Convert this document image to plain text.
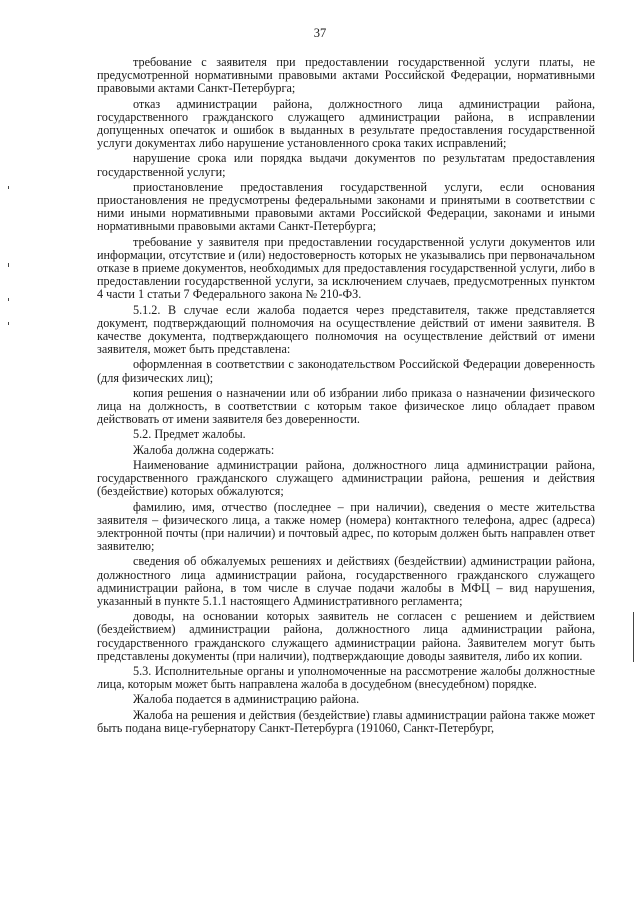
37

требование с заявителя при предоставлении государственной услуги платы, не предусмотренной нормативными правовыми актами Российской Федерации, нормативными правовыми актами Санкт-Петербурга;

отказ администрации района, должностного лица администрации района, государственного гражданского служащего администрации района, в исправлении допущенных опечаток и ошибок в выданных в результате предоставления государственной услуги документах либо нарушение установленного срока таких исправлений;

нарушение срока или порядка выдачи документов по результатам предоставления государственной услуги;

приостановление предоставления государственной услуги, если основания приостановления не предусмотрены федеральными законами и принятыми в соответствии с ними иными нормативными правовыми актами Российской Федерации, законами и иными нормативными правовыми актами Санкт-Петербурга;

требование у заявителя при предоставлении государственной услуги документов или информации, отсутствие и (или) недостоверность которых не указывались при первоначальном отказе в приеме документов, необходимых для предоставления государственной услуги, либо в предоставлении государственной услуги, за исключением случаев, предусмотренных пунктом 4 части 1 статьи 7 Федерального закона № 210-ФЗ.

5.1.2. В случае если жалоба подается через представителя, также представляется документ, подтверждающий полномочия на осуществление действий от имени заявителя. В качестве документа, подтверждающего полномочия на осуществление действий от имени заявителя, может быть представлена:

оформленная в соответствии с законодательством Российской Федерации доверенность (для физических лиц);

копия решения о назначении или об избрании либо приказа о назначении физического лица на должность, в соответствии с которым такое физическое лицо обладает правом действовать от имени заявителя без доверенности.

5.2. Предмет жалобы.

Жалоба должна содержать:

Наименование администрации района, должностного лица администрации района, государственного гражданского служащего администрации района, решения и действия (бездействие) которых обжалуются;

фамилию, имя, отчество (последнее – при наличии), сведения о месте жительства заявителя – физического лица, а также номер (номера) контактного телефона, адрес (адреса) электронной почты (при наличии) и почтовый адрес, по которым должен быть направлен ответ заявителю;

сведения об обжалуемых решениях и действиях (бездействии) администрации района, должностного лица администрации района, государственного гражданского служащего администрации района, в том числе в случае подачи жалобы в МФЦ – вид нарушения, указанный в пункте 5.1.1 настоящего Административного регламента;

доводы, на основании которых заявитель не согласен с решением и действием (бездействием) администрации района, должностного лица администрации района, государственного гражданского служащего администрации района. Заявителем могут быть представлены документы (при наличии), подтверждающие доводы заявителя, либо их копии.

5.3. Исполнительные органы и уполномоченные на рассмотрение жалобы должностные лица, которым может быть направлена жалоба в досудебном (внесудебном) порядке.

Жалоба подается в администрацию района.

Жалоба на решения и действия (бездействие) главы администрации района также может быть подана вице-губернатору Санкт-Петербурга (191060, Санкт-Петербург,
